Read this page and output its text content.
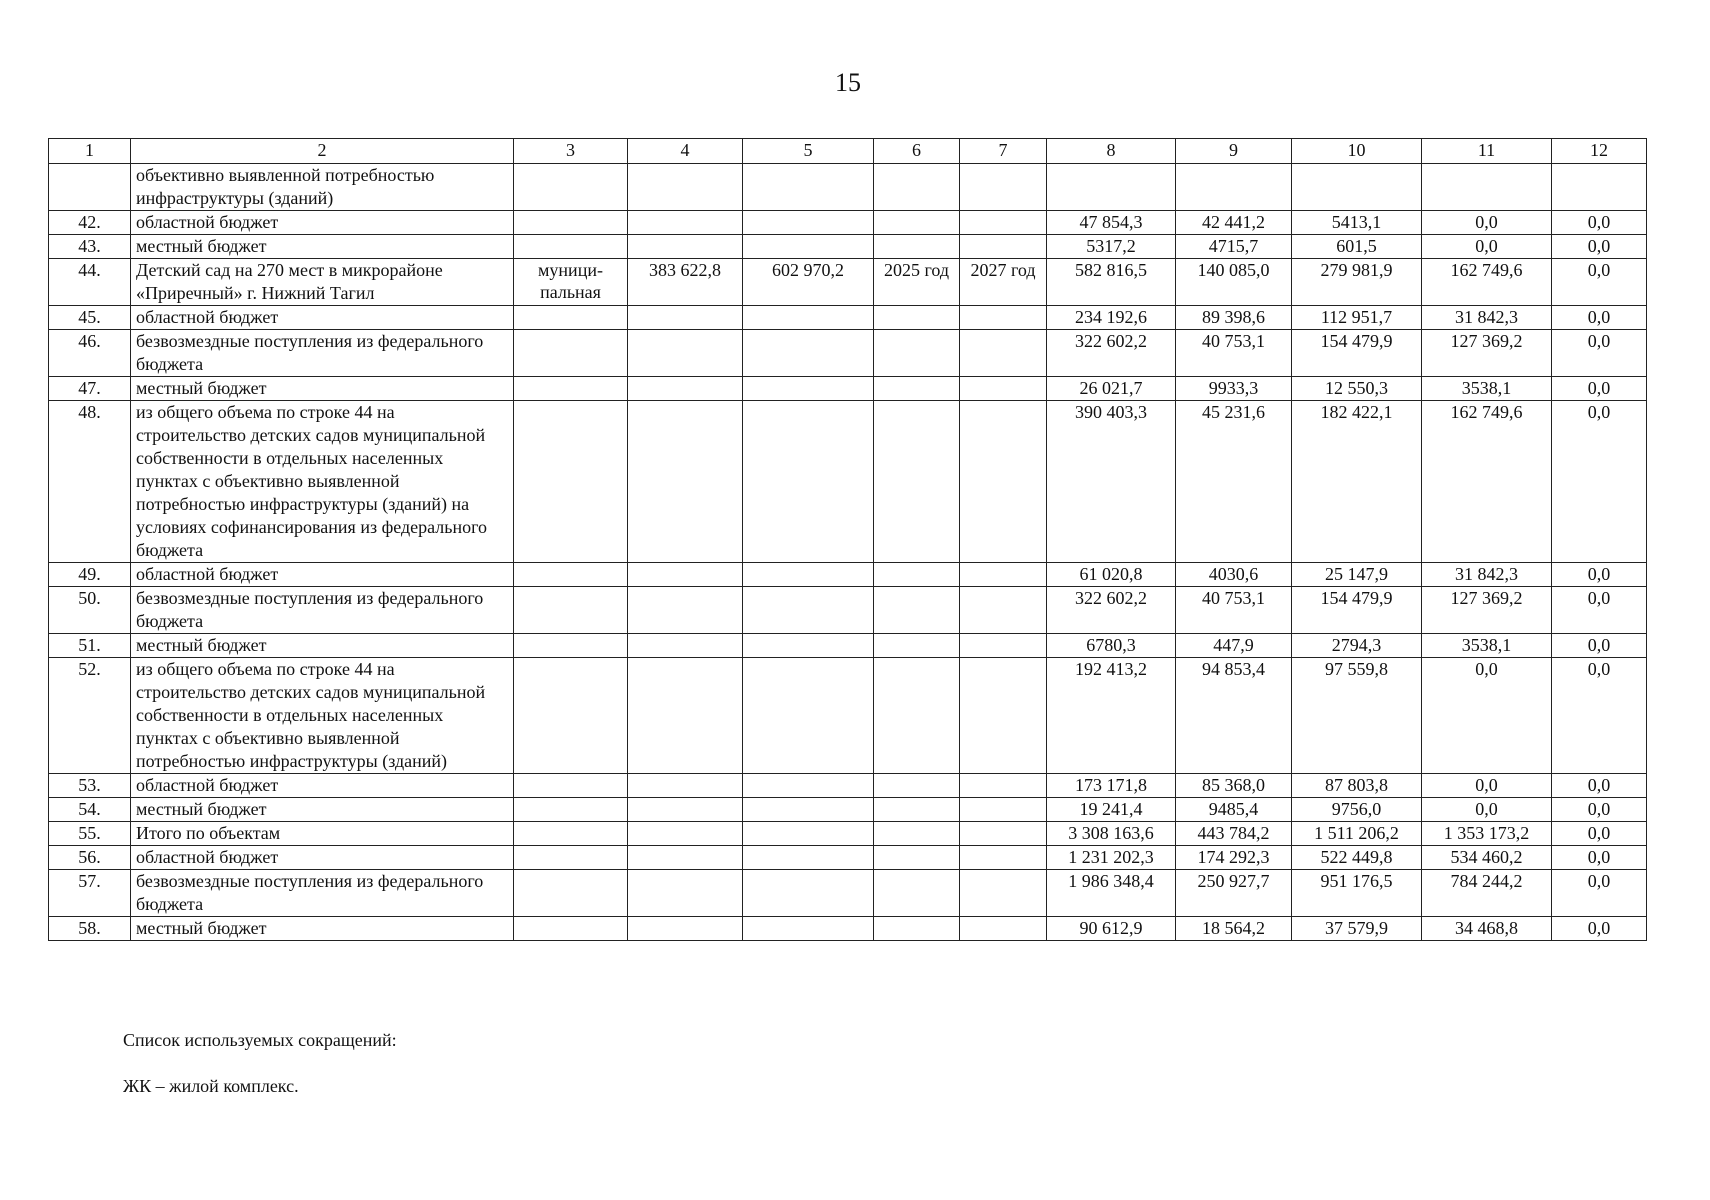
15
1	2	3	4	5	6	7	8	9	10	11	12
	объективно выявленной потребностью инфраструктуры (зданий)										
42.	областной бюджет						47 854,3	42 441,2	5413,1	0,0	0,0
43.	местный бюджет						5317,2	4715,7	601,5	0,0	0,0
44.	Детский сад на 270 мест в микрорайоне «Приречный» г. Нижний Тагил	муници-пальная	383 622,8	602 970,2	2025 год	2027 год	582 816,5	140 085,0	279 981,9	162 749,6	0,0
45.	областной бюджет						234 192,6	89 398,6	112 951,7	31 842,3	0,0
46.	безвозмездные поступления из федерального бюджета						322 602,2	40 753,1	154 479,9	127 369,2	0,0
47.	местный бюджет						26 021,7	9933,3	12 550,3	3538,1	0,0
48.	из общего объема по строке 44 на строительство детских садов муниципальной собственности в отдельных населенных пунктах с объективно выявленной потребностью инфраструктуры (зданий) на условиях софинансирования из федерального бюджета						390 403,3	45 231,6	182 422,1	162 749,6	0,0
49.	областной бюджет						61 020,8	4030,6	25 147,9	31 842,3	0,0
50.	безвозмездные поступления из федерального бюджета						322 602,2	40 753,1	154 479,9	127 369,2	0,0
51.	местный бюджет						6780,3	447,9	2794,3	3538,1	0,0
52.	из общего объема по строке 44 на строительство детских садов муниципальной собственности в отдельных населенных пунктах с объективно выявленной потребностью инфраструктуры (зданий)						192 413,2	94 853,4	97 559,8	0,0	0,0
53.	областной бюджет						173 171,8	85 368,0	87 803,8	0,0	0,0
54.	местный бюджет						19 241,4	9485,4	9756,0	0,0	0,0
55.	Итого по объектам						3 308 163,6	443 784,2	1 511 206,2	1 353 173,2	0,0
56.	областной бюджет						1 231 202,3	174 292,3	522 449,8	534 460,2	0,0
57.	безвозмездные поступления из федерального бюджета						1 986 348,4	250 927,7	951 176,5	784 244,2	0,0
58.	местный бюджет						90 612,9	18 564,2	37 579,9	34 468,8	0,0
Список используемых сокращений:
ЖК – жилой комплекс.
